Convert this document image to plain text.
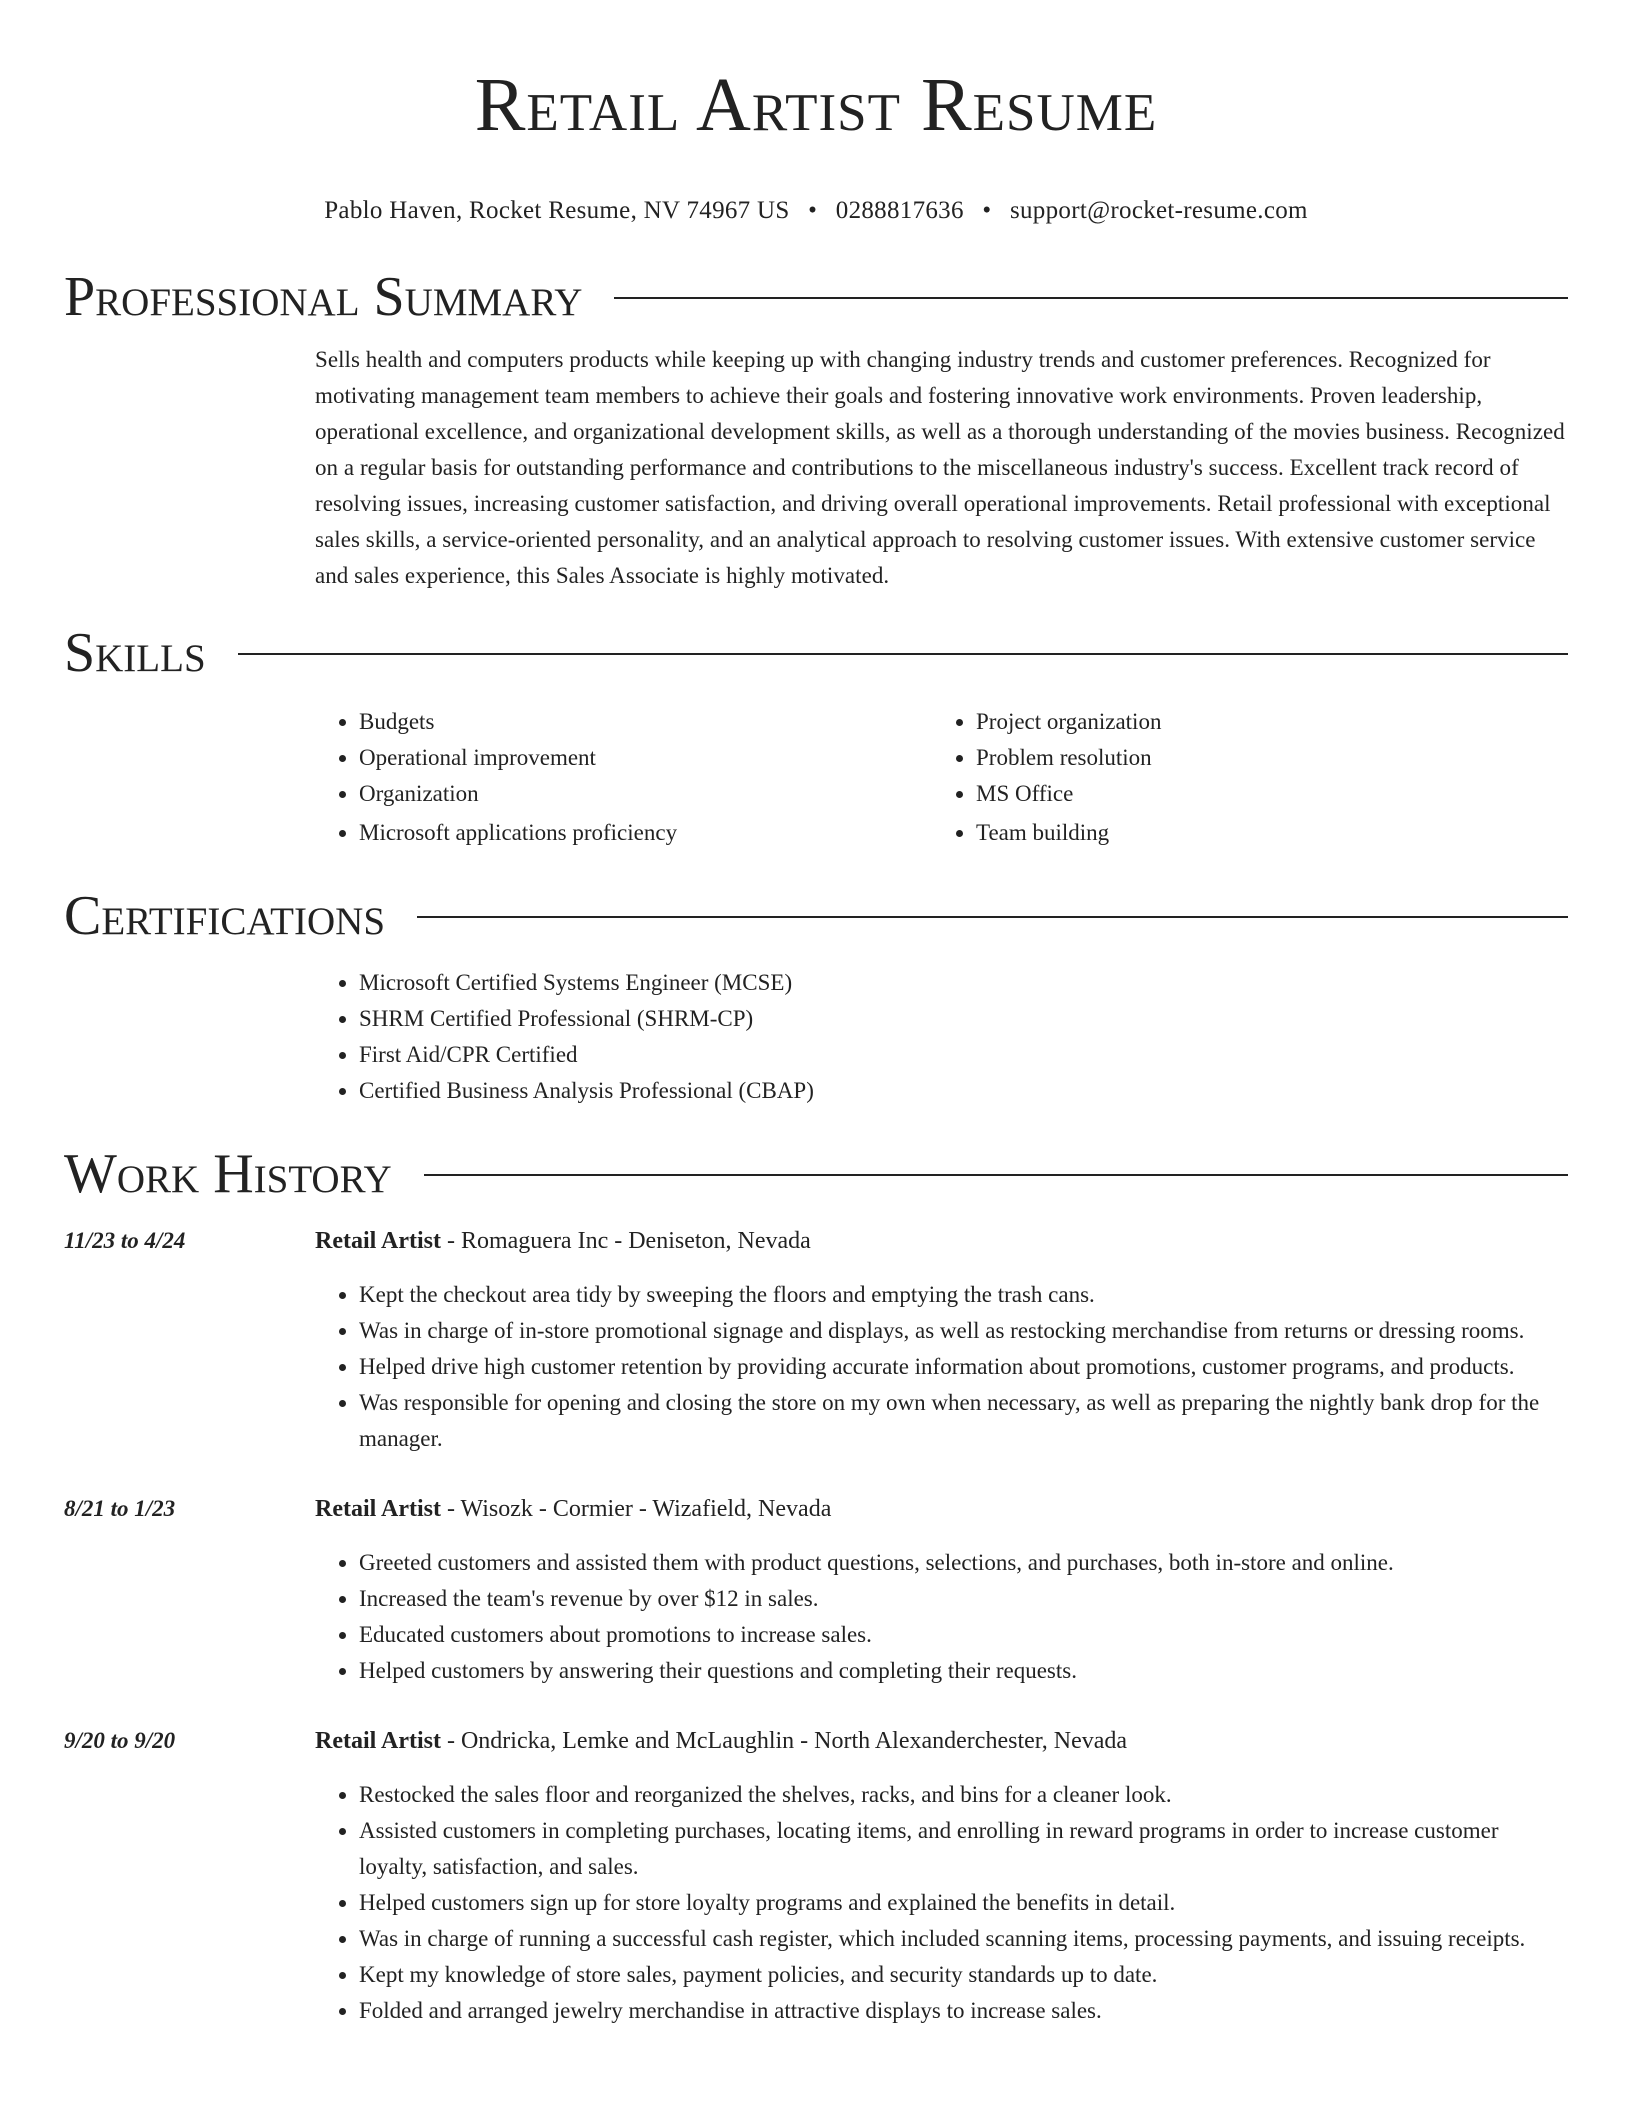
Retail Artist Resume
Pablo Haven, Rocket Resume, NV 74967 US • 0288817636 • support@rocket-resume.com
Professional Summary
Sells health and computers products while keeping up with changing industry trends and customer preferences. Recognized for motivating management team members to achieve their goals and fostering innovative work environments. Proven leadership, operational excellence, and organizational development skills, as well as a thorough understanding of the movies business. Recognized on a regular basis for outstanding performance and contributions to the miscellaneous industry's success. Excellent track record of resolving issues, increasing customer satisfaction, and driving overall operational improvements. Retail professional with exceptional sales skills, a service-oriented personality, and an analytical approach to resolving customer issues. With extensive customer service and sales experience, this Sales Associate is highly motivated.
Skills
• Budgets
• Operational improvement
• Organization
• Microsoft applications proficiency
• Project organization
• Problem resolution
• MS Office
• Team building
Certifications
• Microsoft Certified Systems Engineer (MCSE)
• SHRM Certified Professional (SHRM-CP)
• First Aid/CPR Certified
• Certified Business Analysis Professional (CBAP)
Work History
11/23 to 4/24	Retail Artist - Romaguera Inc - Deniseton, Nevada
• Kept the checkout area tidy by sweeping the floors and emptying the trash cans.
• Was in charge of in-store promotional signage and displays, as well as restocking merchandise from returns or dressing rooms.
• Helped drive high customer retention by providing accurate information about promotions, customer programs, and products.
• Was responsible for opening and closing the store on my own when necessary, as well as preparing the nightly bank drop for the manager.
8/21 to 1/23	Retail Artist - Wisozk - Cormier - Wizafield, Nevada
• Greeted customers and assisted them with product questions, selections, and purchases, both in-store and online.
• Increased the team's revenue by over $12 in sales.
• Educated customers about promotions to increase sales.
• Helped customers by answering their questions and completing their requests.
9/20 to 9/20	Retail Artist - Ondricka, Lemke and McLaughlin - North Alexanderchester, Nevada
• Restocked the sales floor and reorganized the shelves, racks, and bins for a cleaner look.
• Assisted customers in completing purchases, locating items, and enrolling in reward programs in order to increase customer loyalty, satisfaction, and sales.
• Helped customers sign up for store loyalty programs and explained the benefits in detail.
• Was in charge of running a successful cash register, which included scanning items, processing payments, and issuing receipts.
• Kept my knowledge of store sales, payment policies, and security standards up to date.
• Folded and arranged jewelry merchandise in attractive displays to increase sales.
